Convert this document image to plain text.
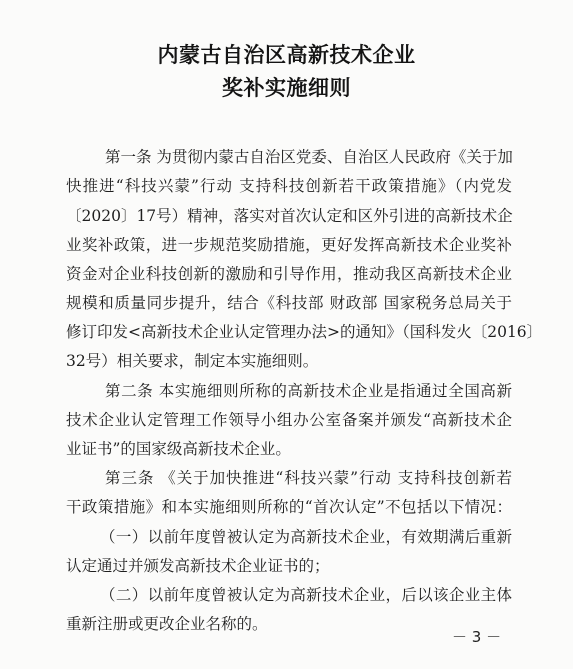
内蒙古自治区高新技术企业
奖补实施细则
第一条 为贯彻内蒙古自治区党委、自治区人民政府《关于加
快推进“科技兴蒙”行动 支持科技创新若干政策措施》（内党发
〔2020〕17号）精神，落实对首次认定和区外引进的高新技术企
业奖补政策，进一步规范奖励措施，更好发挥高新技术企业奖补
资金对企业科技创新的激励和引导作用，推动我区高新技术企业
规模和质量同步提升，结合《科技部 财政部 国家税务总局关于
修订印发<高新技术企业认定管理办法>的通知》（国科发火〔2016〕
32号）相关要求，制定本实施细则。
第二条 本实施细则所称的高新技术企业是指通过全国高新
技术企业认定管理工作领导小组办公室备案并颁发“高新技术企
业证书”的国家级高新技术企业。
第三条 《关于加快推进“科技兴蒙”行动 支持科技创新若
干政策措施》和本实施细则所称的“首次认定”不包括以下情况：
（一）以前年度曾被认定为高新技术企业，有效期满后重新
认定通过并颁发高新技术企业证书的；
（二）以前年度曾被认定为高新技术企业，后以该企业主体
重新注册或更改企业名称的。
－ 3 －
